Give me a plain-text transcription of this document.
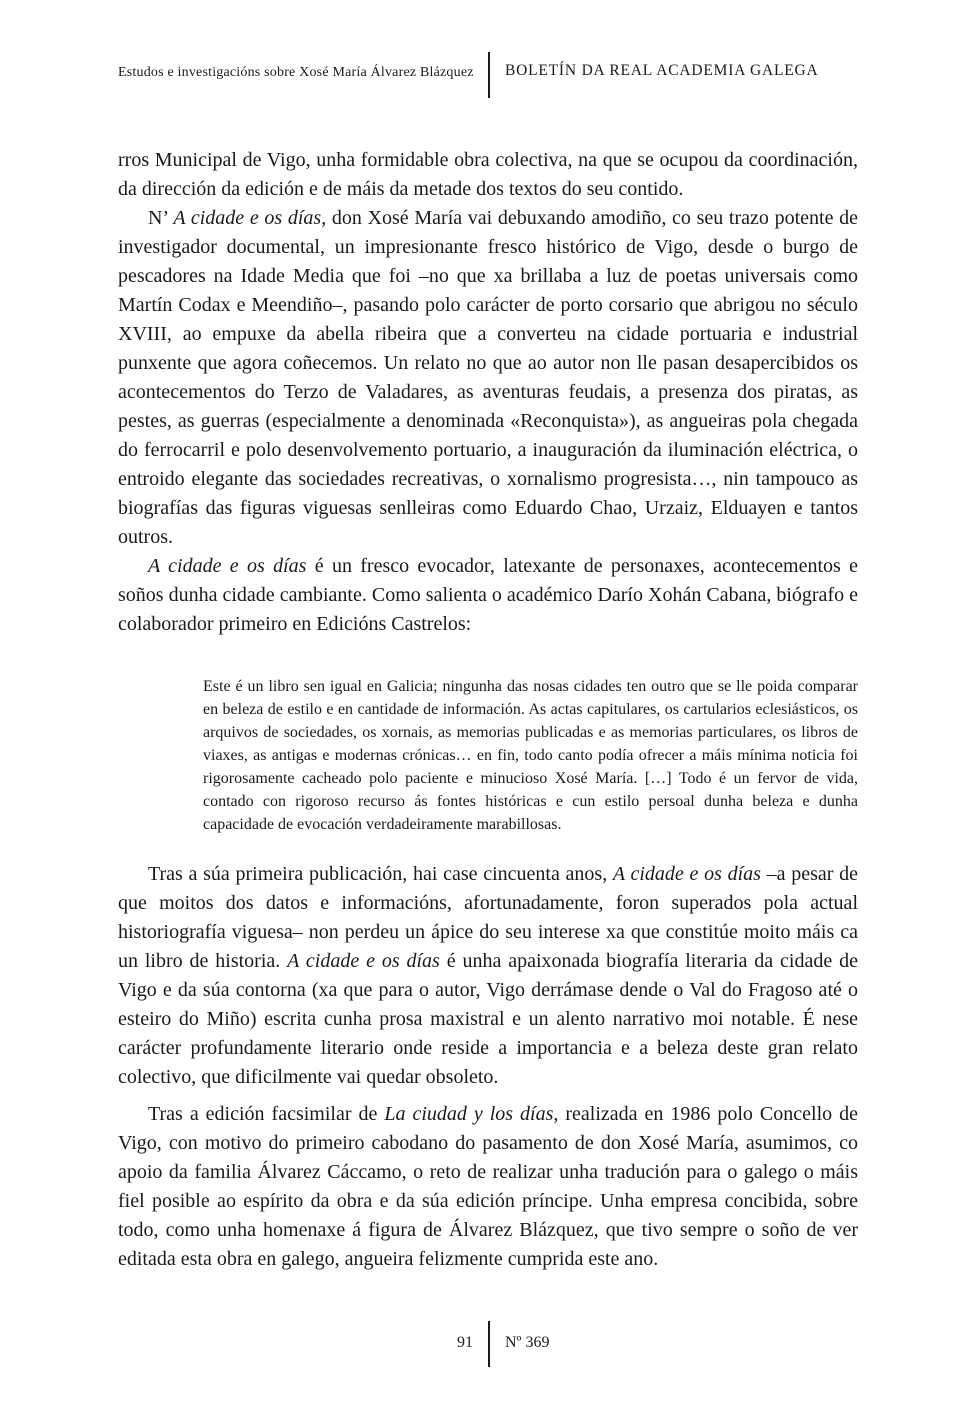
Estudos e investigacións sobre Xosé María Álvarez Blázquez BOLETÍN DA REAL ACADEMIA GALEGA

rros Municipal de Vigo, unha formidable obra colectiva, na que se ocupou da coordinación, da dirección da edición e de máis da metade dos textos do seu contido.

N’ A cidade e os días, don Xosé María vai debuxando amodiño, co seu trazo potente de investigador documental, un impresionante fresco histórico de Vigo, desde o burgo de pescadores na Idade Media que foi –no que xa brillaba a luz de poetas universais como Martín Codax e Meendiño–, pasando polo carácter de porto corsario que abrigou no século XVIII, ao empuxe da abella ribeira que a converteu na cidade portuaria e industrial punxente que agora coñecemos. Un relato no que ao autor non lle pasan desapercibidos os acontecementos do Terzo de Valadares, as aventuras feudais, a presenza dos piratas, as pestes, as guerras (especialmente a denominada «Reconquista»), as angueiras pola chegada do ferrocarril e polo desenvolvemento portuario, a inauguración da iluminación eléctrica, o entroido elegante das sociedades recreativas, o xornalismo progresista…, nin tampouco as biografías das figuras viguesas senlleiras como Eduardo Chao, Urzaiz, Elduayen e tantos outros.

A cidade e os días é un fresco evocador, latexante de personaxes, acontecementos e soños dunha cidade cambiante. Como salienta o académico Darío Xohán Cabana, biógrafo e colaborador primeiro en Edicións Castrelos:

Este é un libro sen igual en Galicia; ningunha das nosas cidades ten outro que se lle poida comparar en beleza de estilo e en cantidade de información. As actas capitulares, os cartularios eclesiásticos, os arquivos de sociedades, os xornais, as memorias publicadas e as memorias particulares, os libros de viaxes, as antigas e modernas crónicas… en fin, todo canto podía ofrecer a máis mínima noticia foi rigorosamente cacheado polo paciente e minucioso Xosé María. […] Todo é un fervor de vida, contado con rigoroso recurso ás fontes históricas e cun estilo persoal dunha beleza e dunha capacidade de evocación verdadeiramente marabillosas.

Tras a súa primeira publicación, hai case cincuenta anos, A cidade e os días –a pesar de que moitos dos datos e informacións, afortunadamente, foron superados pola actual historiografía viguesa– non perdeu un ápice do seu interese xa que constitúe moito máis ca un libro de historia. A cidade e os días é unha apaixonada biografía literaria da cidade de Vigo e da súa contorna (xa que para o autor, Vigo derrámase dende o Val do Fragoso até o esteiro do Miño) escrita cunha prosa maxistral e un alento narrativo moi notable. É nese carácter profundamente literario onde reside a importancia e a beleza deste gran relato colectivo, que dificilmente vai quedar obsoleto.

Tras a edición facsimilar de La ciudad y los días, realizada en 1986 polo Concello de Vigo, con motivo do primeiro cabodano do pasamento de don Xosé María, asumimos, co apoio da familia Álvarez Cáccamo, o reto de realizar unha tradución para o galego o máis fiel posible ao espírito da obra e da súa edición príncipe. Unha empresa concibida, sobre todo, como unha homenaxe á figura de Álvarez Blázquez, que tivo sempre o soño de ver editada esta obra en galego, angueira felizmente cumprida este ano.

91 Nº 369
